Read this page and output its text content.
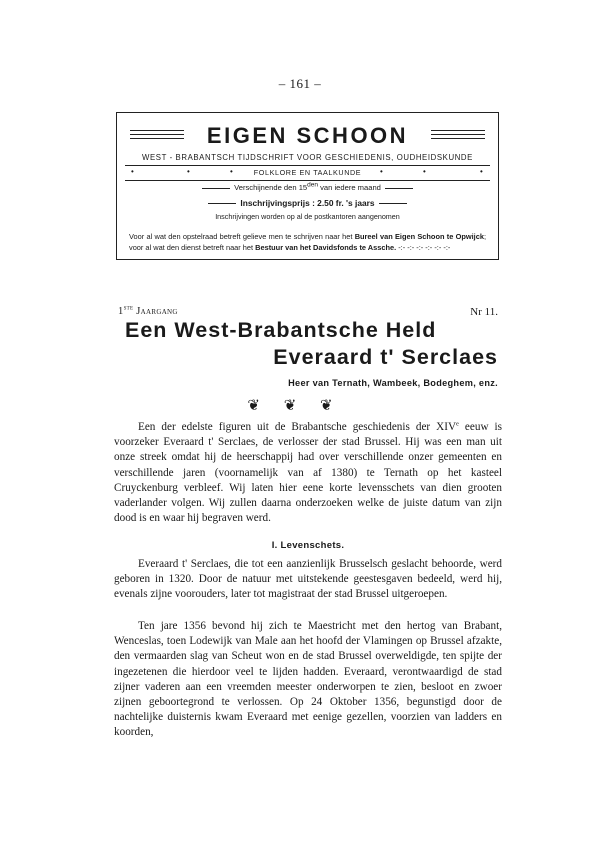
– 161 –
EIGEN SCHOON
WEST - BRABANTSCH TIJDSCHRIFT VOOR GESCHIEDENIS, OUDHEIDSKUNDE
•	•	•	FOLKLORE EN TAALKUNDE	•	•	•
Verschijnende den 15den van iedere maand
Inschrijvingsprijs : 2.50 fr. 's jaars
Inschrijvingen worden op al de postkantoren aangenomen
Voor al wat den opstelraad betreft gelieve men te schrijven naar het Bureel van Eigen Schoon te Opwijck; voor al wat den dienst betreft naar het Bestuur van het Davidsfonds te Assche. -:- -:- -:- -:- -:- -:-
1ste Jaargang	Nr 11.
Een West-Brabantsche Held
Everaard t' Serclaes
Heer van Ternath, Wambeek, Bodeghem, enz.
❦ ❦ ❦

Een der edelste figuren uit de Brabantsche geschiedenis der XIVe eeuw is voorzeker Everaard t' Serclaes, de verlosser der stad Brussel. Hij was een man uit onze streek omdat hij de heerschappij had over verschillende onzer gemeenten en verschillende jaren (voornamelijk van af 1380) te Ternath op het kasteel Cruyckenburg verbleef. Wij laten hier eene korte levensschets van dien grooten vaderlander volgen. Wij zullen daarna onderzoeken welke de juiste datum van zijn dood is en waar hij begraven werd.

I. Levenschets.

Everaard t' Serclaes, die tot een aanzienlijk Brusselsch geslacht behoorde, werd geboren in 1320. Door de natuur met uitstekende geestesgaven bedeeld, werd hij, evenals zijne voorouders, later tot magistraat der stad Brussel uitgeroepen.

Ten jare 1356 bevond hij zich te Maestricht met den hertog van Brabant, Wenceslas, toen Lodewijk van Male aan het hoofd der Vlamingen op Brussel afzakte, den vermaarden slag van Scheut won en de stad Brussel overweldigde, ten spijte der ingezetenen die hierdoor veel te lijden hadden. Everaard, verontwaardigd de stad zijner vaderen aan een vreemden meester onderworpen te zien, besloot en zwoer zijnen geboortegrond te verlossen. Op 24 Oktober 1356, begunstigd door de nachtelijke duisternis kwam Everaard met eenige gezellen, voorzien van ladders en koorden,
